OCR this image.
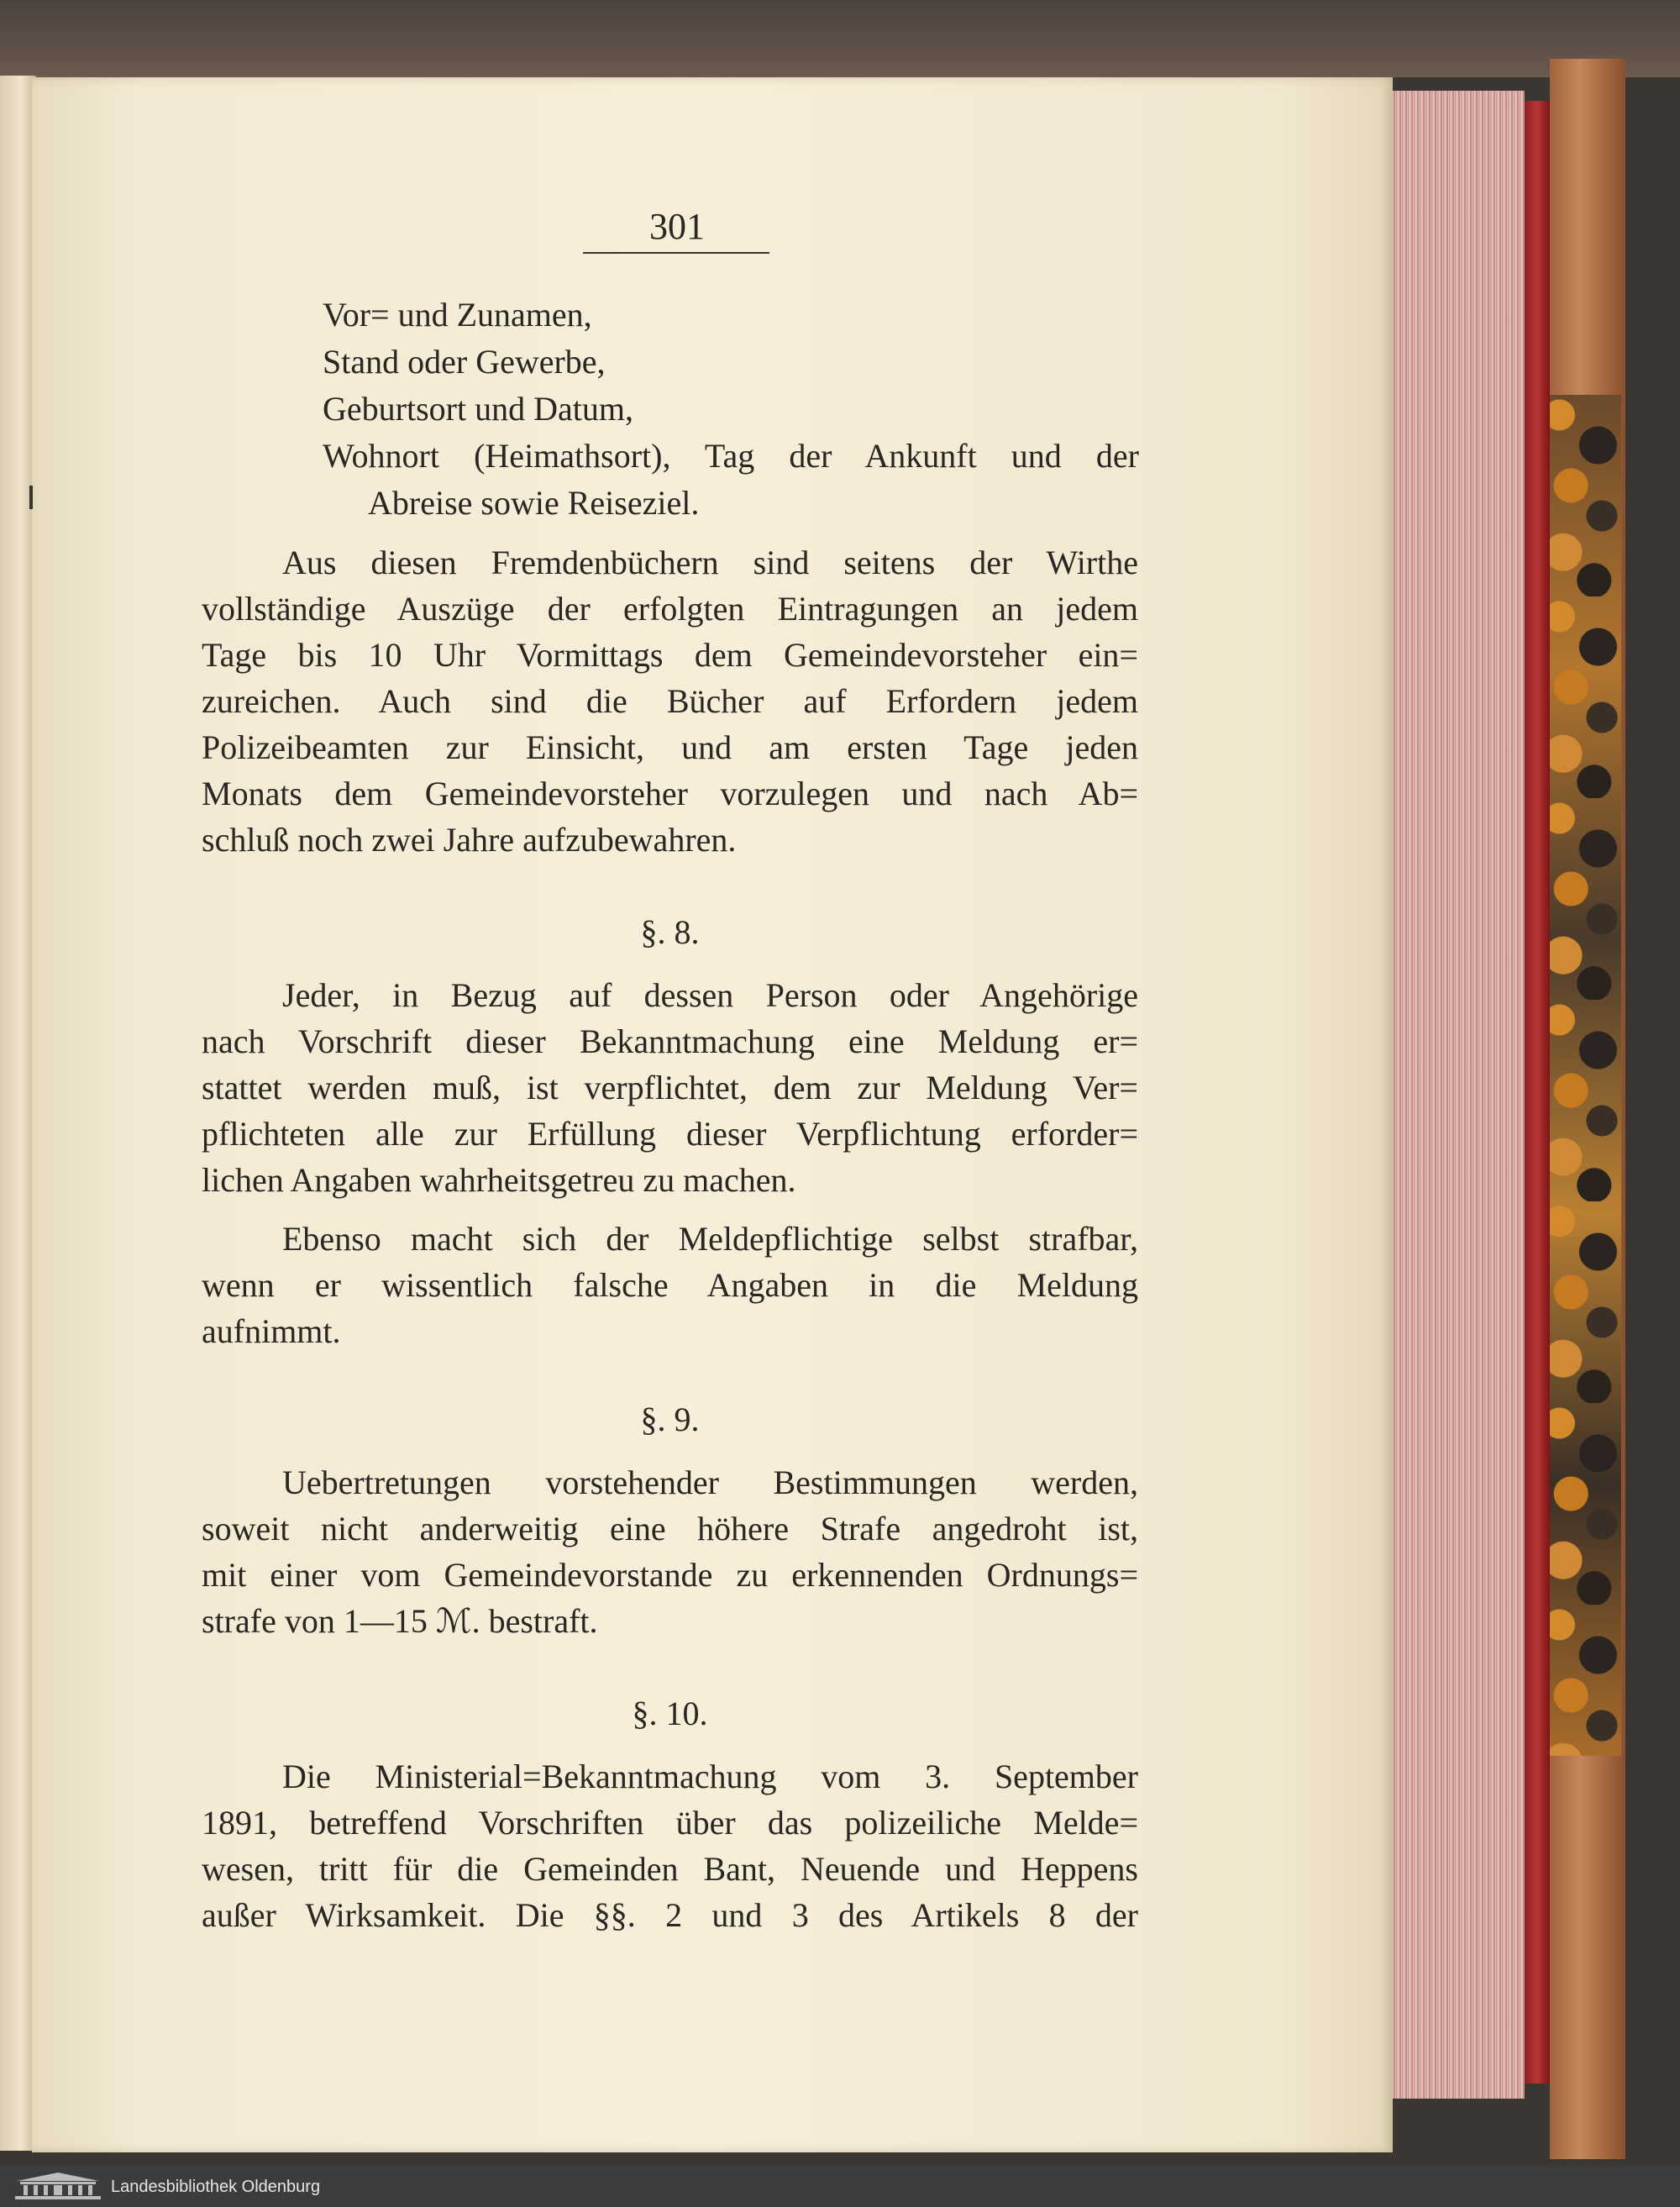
301
Vor= und Zunamen,
Stand oder Gewerbe,
Geburtsort und Datum,
Wohnort (Heimathsort), Tag der Ankunft und der
Abreise sowie Reiseziel.
Aus diesen Fremdenbüchern sind seitens der Wirthe
vollständige Auszüge der erfolgten Eintragungen an jedem
Tage bis 10 Uhr Vormittags dem Gemeindevorsteher ein=
zureichen. Auch sind die Bücher auf Erfordern jedem
Polizeibeamten zur Einsicht, und am ersten Tage jeden
Monats dem Gemeindevorsteher vorzulegen und nach Ab=
schluß noch zwei Jahre aufzubewahren.
§. 8.
Jeder, in Bezug auf dessen Person oder Angehörige
nach Vorschrift dieser Bekanntmachung eine Meldung er=
stattet werden muß, ist verpflichtet, dem zur Meldung Ver=
pflichteten alle zur Erfüllung dieser Verpflichtung erforder=
lichen Angaben wahrheitsgetreu zu machen.
Ebenso macht sich der Meldepflichtige selbst strafbar,
wenn er wissentlich falsche Angaben in die Meldung
aufnimmt.
§. 9.
Uebertretungen vorstehender Bestimmungen werden,
soweit nicht anderweitig eine höhere Strafe angedroht ist,
mit einer vom Gemeindevorstande zu erkennenden Ordnungs=
strafe von 1—15 ℳ. bestraft.
§. 10.
Die Ministerial=Bekanntmachung vom 3. September
1891, betreffend Vorschriften über das polizeiliche Melde=
wesen, tritt für die Gemeinden Bant, Neuende und Heppens
außer Wirksamkeit. Die §§. 2 und 3 des Artikels 8 der
Landesbibliothek Oldenburg
